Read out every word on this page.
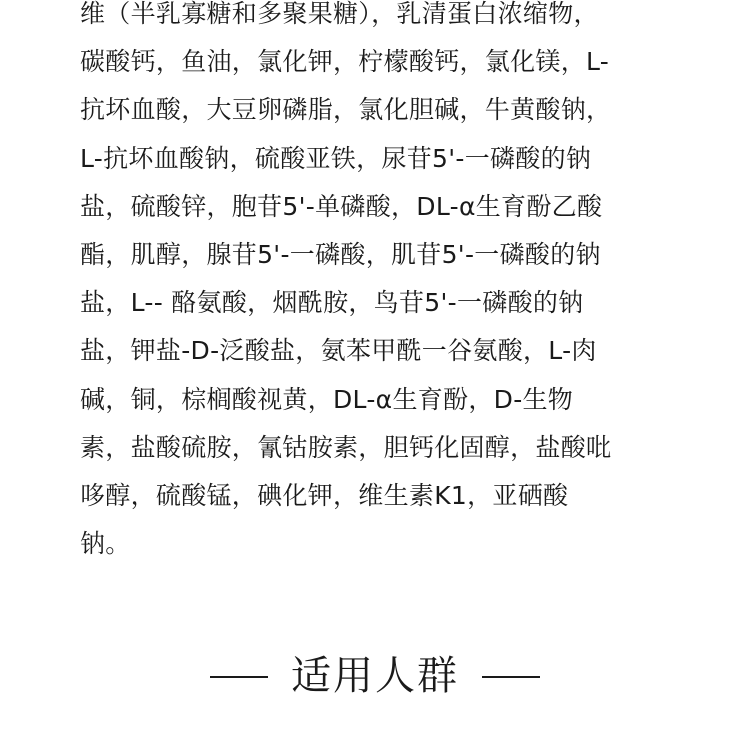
维（半乳寡糖和多聚果糖），乳清蛋白浓缩物，
碳酸钙，鱼油，氯化钾，柠檬酸钙，氯化镁，L-
抗坏血酸，大豆卵磷脂，氯化胆碱，牛黄酸钠，
L-抗坏血酸钠，硫酸亚铁，尿苷5'-一磷酸的钠
盐，硫酸锌，胞苷5'-单磷酸，DL-α生育酚乙酸
酯，肌醇，腺苷5'-一磷酸，肌苷5'-一磷酸的钠
盐，L-- 酪氨酸，烟酰胺，鸟苷5'-一磷酸的钠
盐，钾盐-D-泛酸盐，氨苯甲酰一谷氨酸，L-肉
碱，铜，棕榈酸视黄，DL-α生育酚，D-生物
素，盐酸硫胺，氰钴胺素，胆钙化固醇，盐酸吡
哆醇，硫酸锰，碘化钾，维生素K1，亚硒酸
钠。
适用人群
